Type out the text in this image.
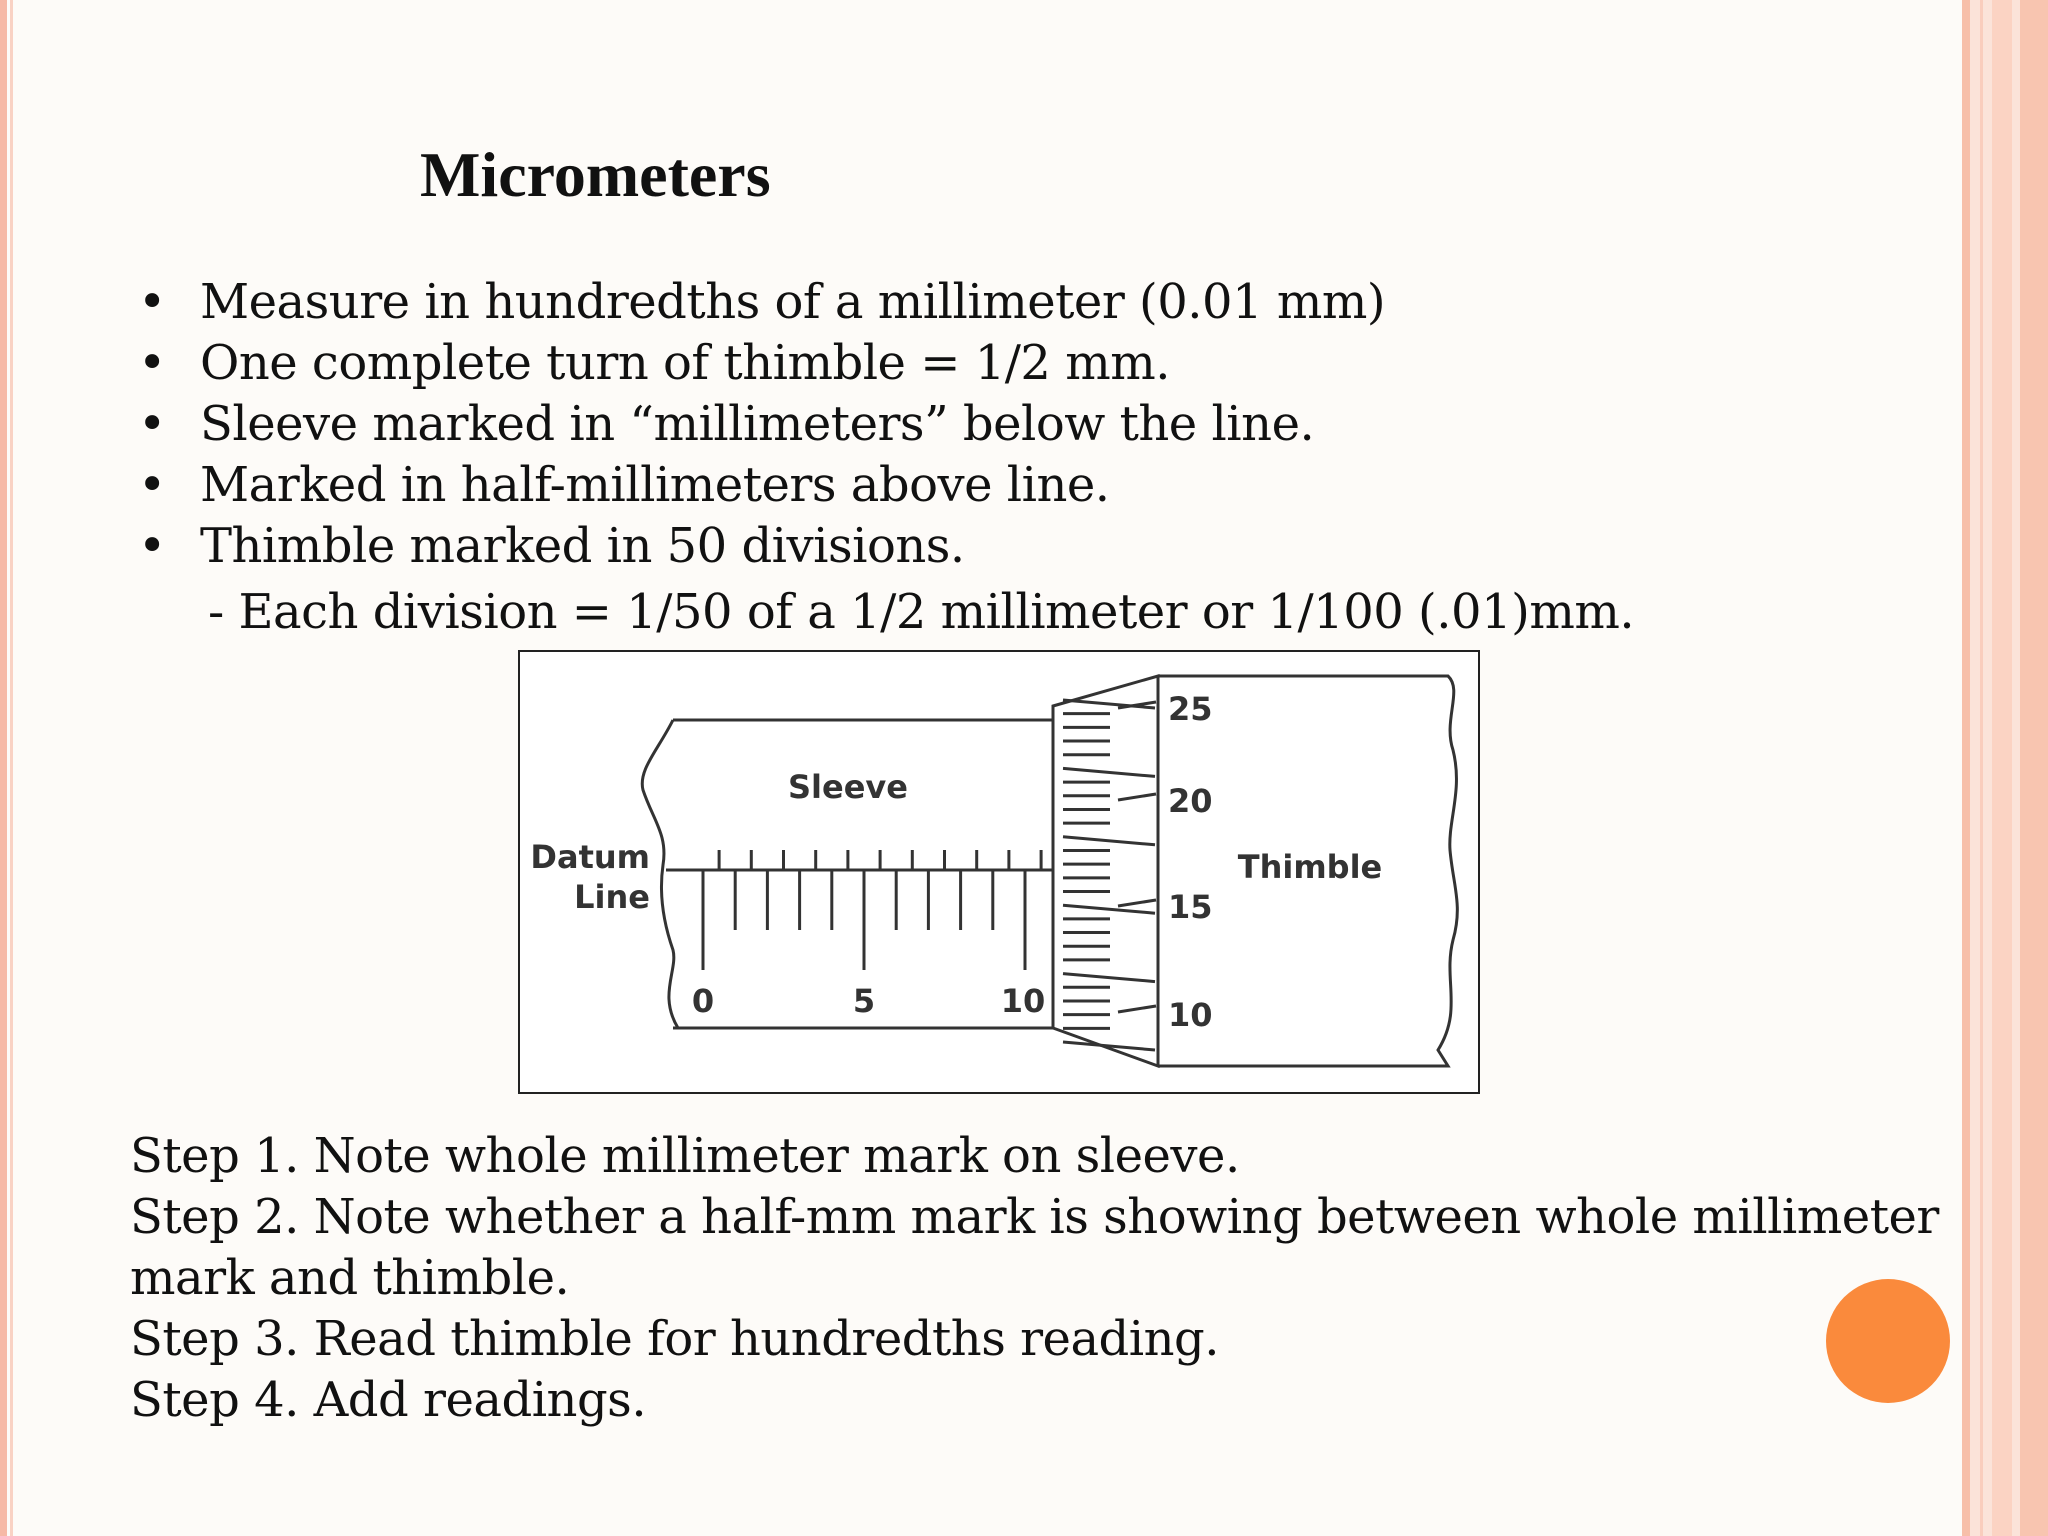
Micrometers
• Measure in hundredths of a millimeter (0.01 mm)
• One complete turn of thimble = 1/2 mm.
• Sleeve marked in “millimeters” below the line.
• Marked in half-millimeters above line.
• Thimble marked in 50 divisions.
- Each division = 1/50 of a 1/2 millimeter or 1/100 (.01)mm.
Sleeve
Thimble
Datum
Line
0	5	10
25
20
15
10

Step 1. Note whole millimeter mark on sleeve.

Step 2. Note whether a half-mm mark is showing between whole millimeter

mark and thimble.

Step 3. Read thimble for hundredths reading.

Step 4. Add readings.
